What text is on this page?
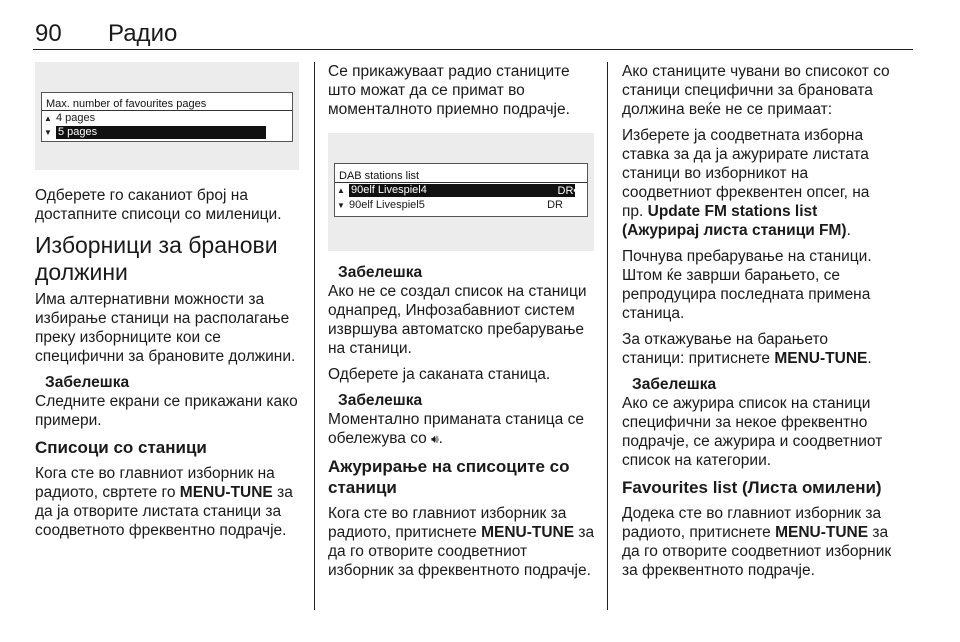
90 Радио
Max. number of favourites pages
▲ 4 pages
▼ 5 pages	✓

Одберете го саканиот број на достапните списоци со миленици.

Изборници за бранови должини

Има алтернативни можности за избирање станици на располагање преку изборниците кои се специфични за брановите должини.

Забелешка

Следните екрани се прикажани како примери.

Списоци со станици

Кога сте во главниот изборник на радиото, свртете го MENU-TUNE за да ја отворите листата станици за соодветното фреквентно подрачје.

Се прикажуваат радио станиците што можат да се примат во моменталното приемно подрачје.

DAB stations list
▲ 90elf Livespiel4	DR🔊︎
▼ 90elf Livespiel5	DR
Забелешка

Ако не се создал список на станици однапред, Инфозабавниот систем извршува автоматско пребарување на станици.

Одберете ја саканата станица.

Забелешка

Моментално примaната станица се обележува со 🔊︎.

Ажурирање на списоците со станици

Кога сте во главниот изборник за радиото, притиснете MENU-TUNE за да го отворите соодветниот изборник за фреквентното подрачје.

Ако станиците чувани во списокот со станици специфични за брановата должина веќе не се примаат:

Изберете ја соодветната изборна ставка за да ја ажурирате листата станици во изборникот на соодветниот фреквентен опсег, на пр. Update FM stations list (Ажурирај листа станици FM).

Почнува пребарување на станици. Штом ќе заврши барањето, се репродуцира последната примена станица.

За откажување на барањето станици: притиснете MENU-TUNE.

Забелешка

Ако се ажурира список на станици специфични за некое фреквентно подрачје, се ажурира и соодветниот список на категории.

Favourites list (Листа омилени)

Додека сте во главниот изборник за радиото, притиснете MENU-TUNE за да го отворите соодветниот изборник за фреквентното подрачје.
